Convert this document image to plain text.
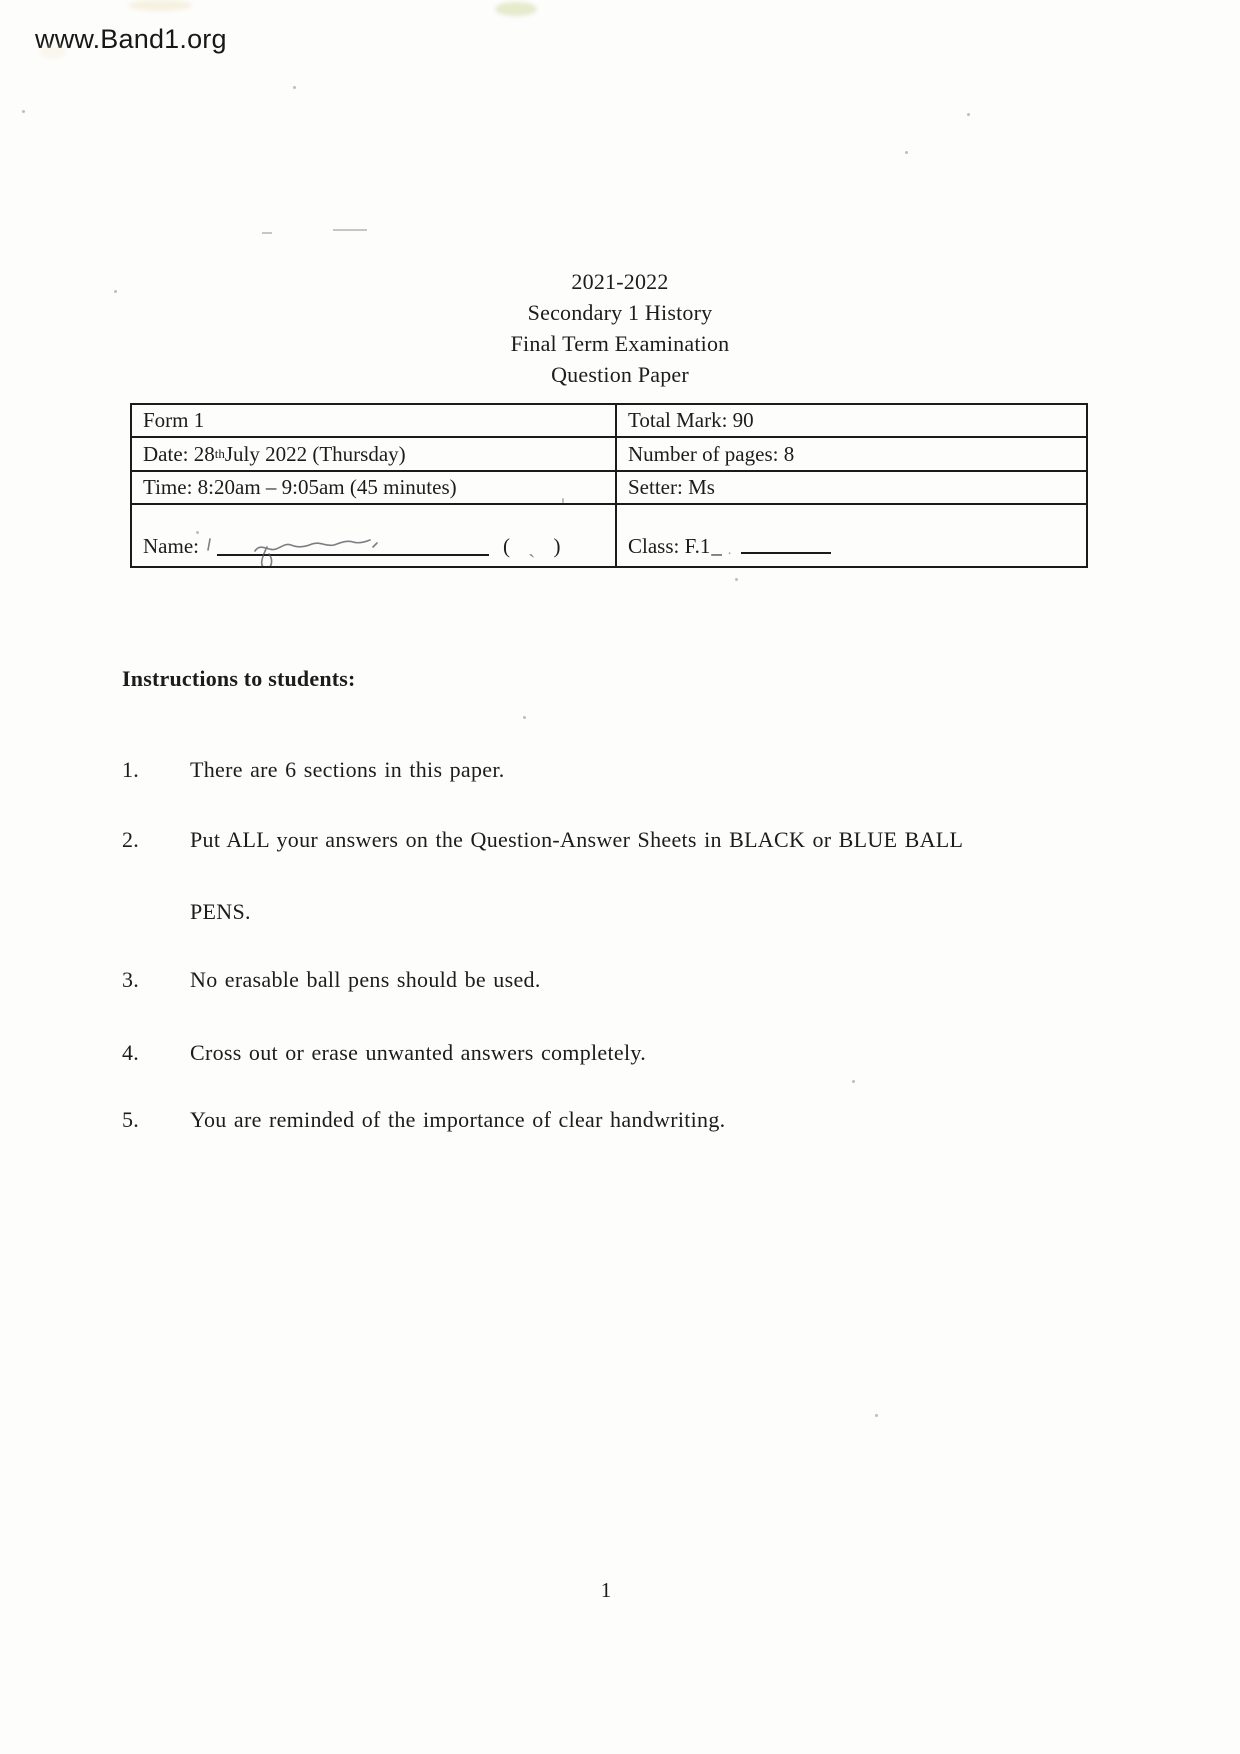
www.Band1.org
2021-2022
Secondary 1 History
Final Term Examination
Question Paper
Form 1	Total Mark: 90
Date: 28 th July 2022 (Thursday)	Number of pages: 8
Time: 8:20am – 9:05am (45 minutes)	Setter: Ms
Name:	( ˏ )	Class: F.1 _ .
Instructions to students:
1.	There are 6 sections in this paper.
2.	Put ALL your answers on the Question-Answer Sheets in BLACK or BLUE BALL
PENS.
3.	No erasable ball pens should be used.
4.	Cross out or erase unwanted answers completely.
5.	You are reminded of the importance of clear handwriting.
1
